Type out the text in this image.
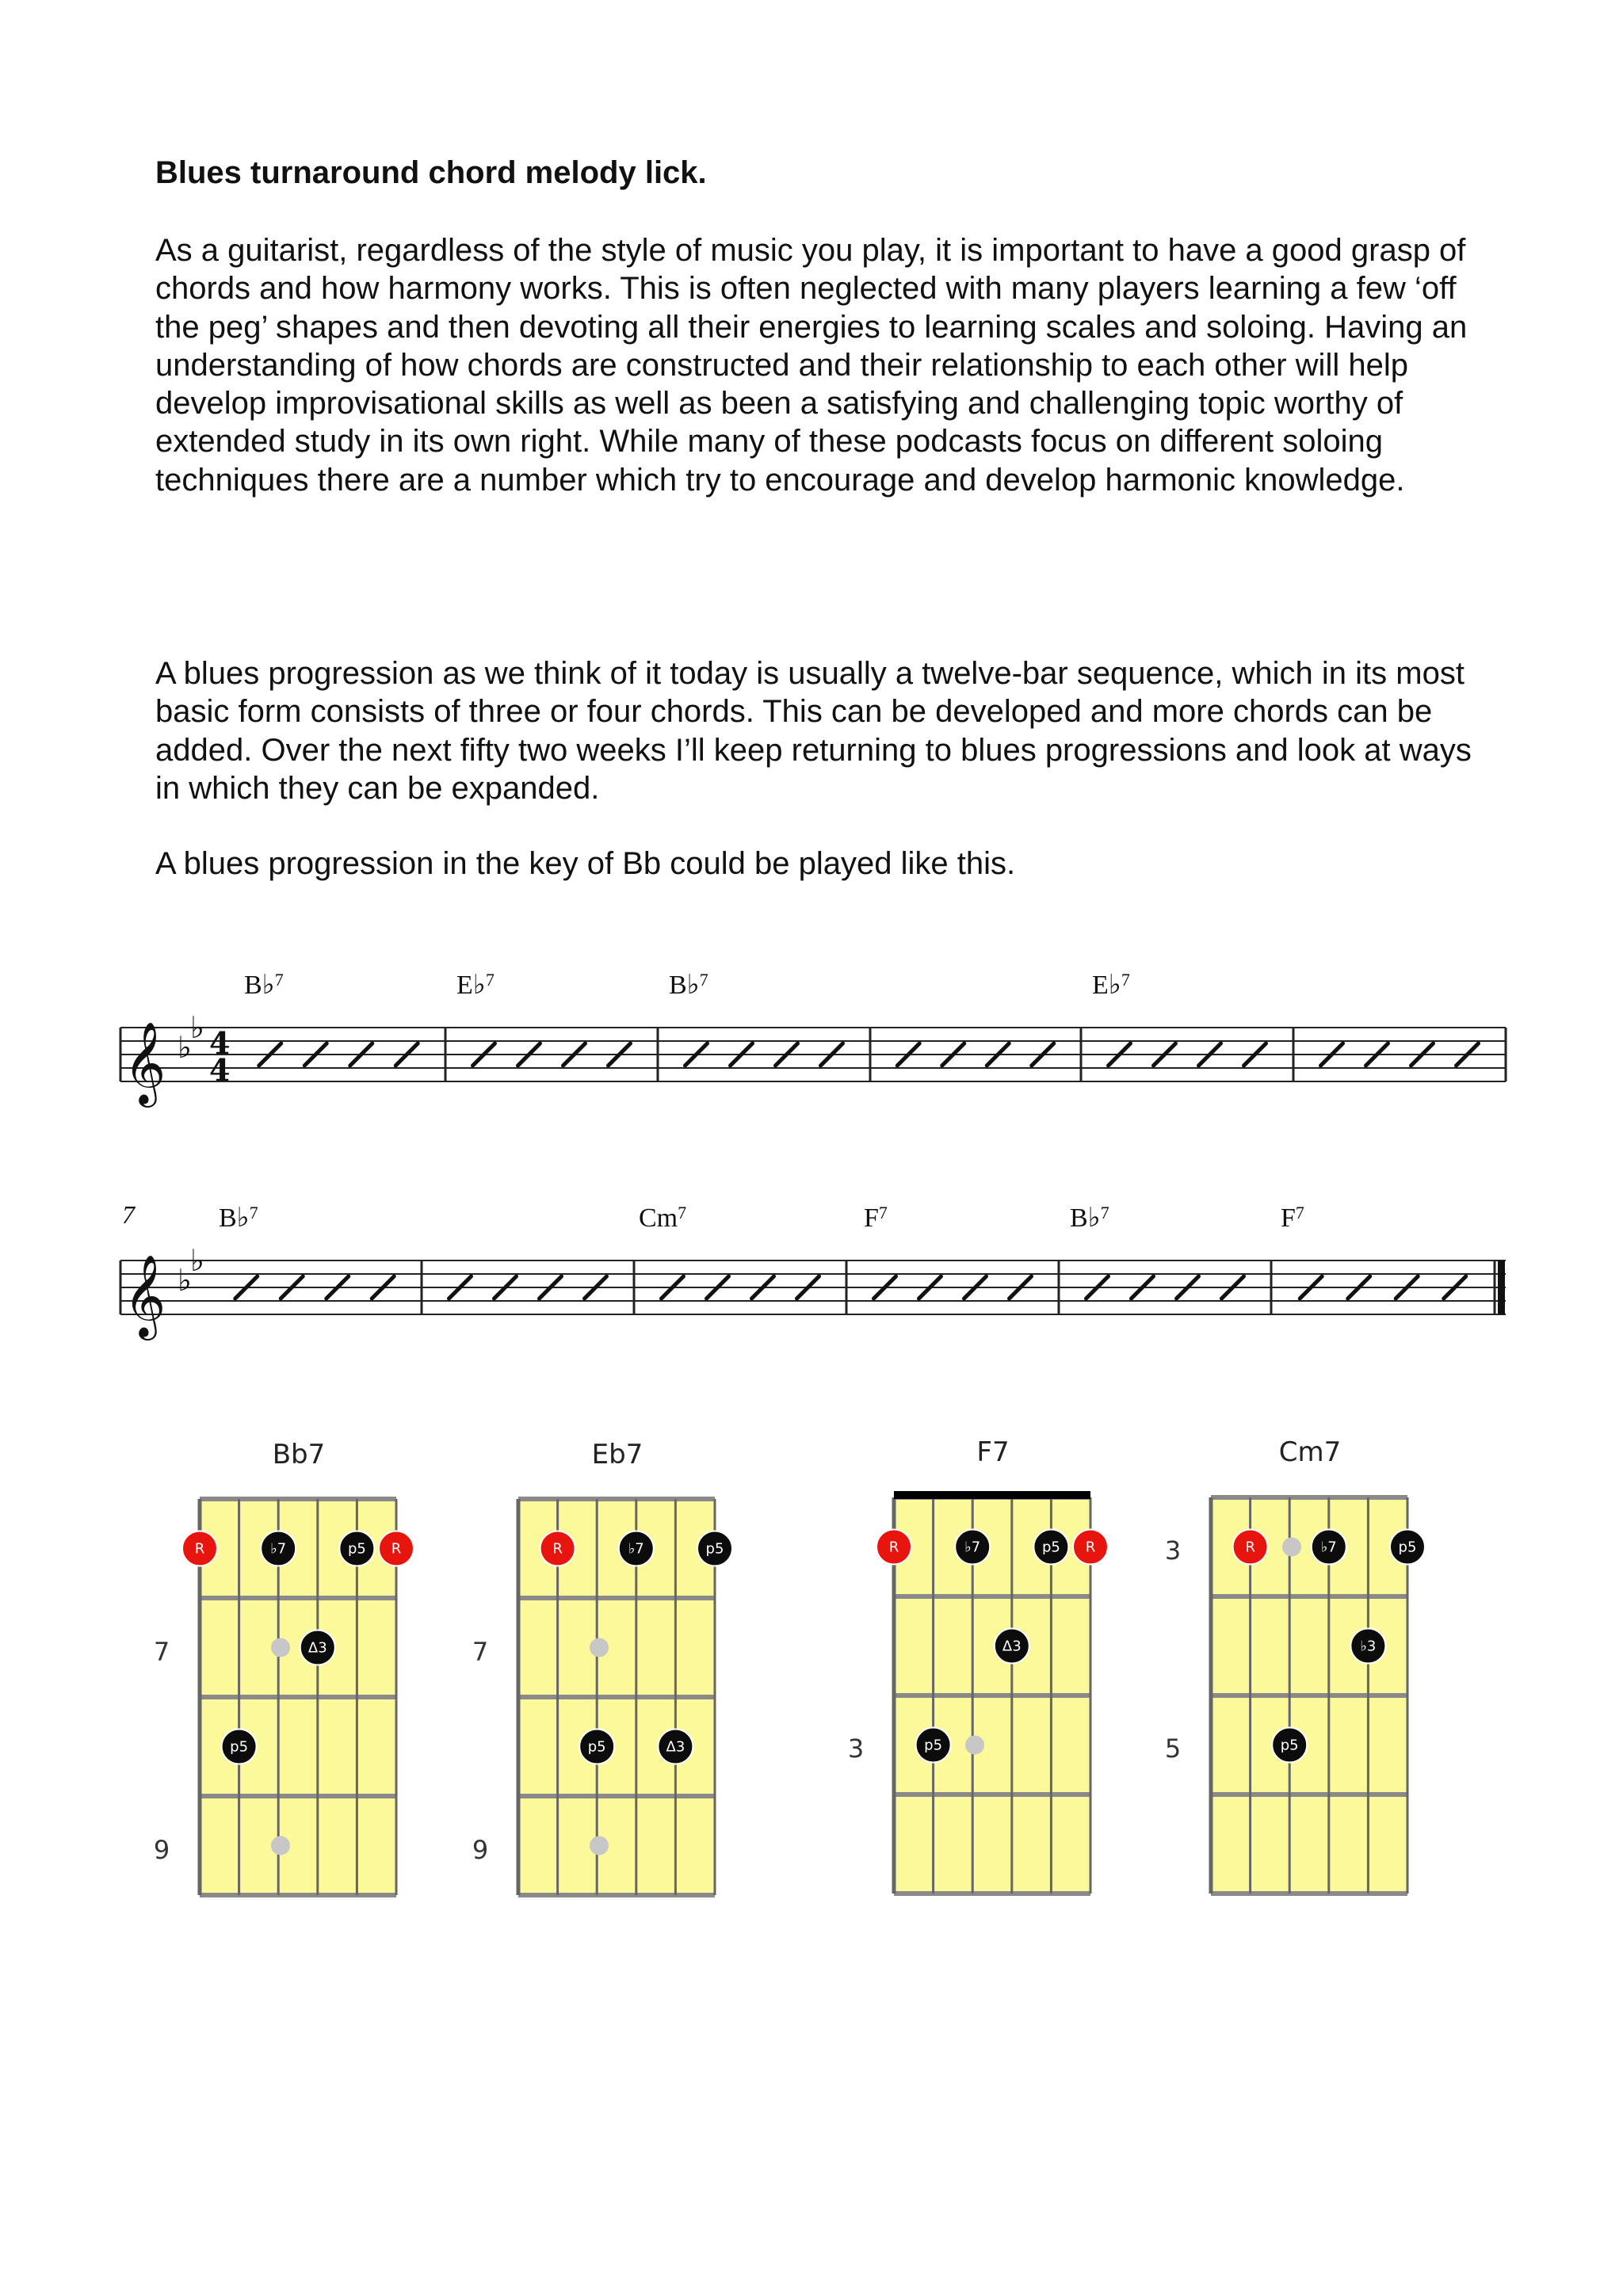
Blues turnaround chord melody lick.
As a guitarist, regardless of the style of music you play, it is important to have a good grasp of chords and how harmony works. This is often neglected with many players learning a few ‘off the peg’ shapes and then devoting all their energies to learning scales and soloing. Having an understanding of how chords are constructed and their relationship to each other will help develop improvisational skills as well as been a satisfying and challenging topic worthy of extended study in its own right. While many of these podcasts focus on different soloing techniques there are a number which try to encourage and develop harmonic knowledge.
A blues progression as we think of it today is usually a twelve-bar sequence, which in its most basic form consists of three or four chords. This can be developed and more chords can be added. Over the next fifty two weeks I’ll keep returning to blues progressions and look at ways in which they can be expanded.
A blues progression in the key of Bb could be played like this.
𝄞 ♭
♭ 4
4
B♭$^7$	E♭$^7$	B♭$^7$	E♭$^7$
𝄞 ♭
♭
7	B♭$^7$	Cm$^7$	$F^7$	B♭$^7$	$F^7$
Bb7
7
9
R	♭7	p5 R
Δ3
p5
Eb7
7
9
R	♭7	p5
p5	Δ3
F7
3
R	♭7	p5 R
Δ3
p5
Cm7
3
5
R	♭7	p5
♭3
p5
